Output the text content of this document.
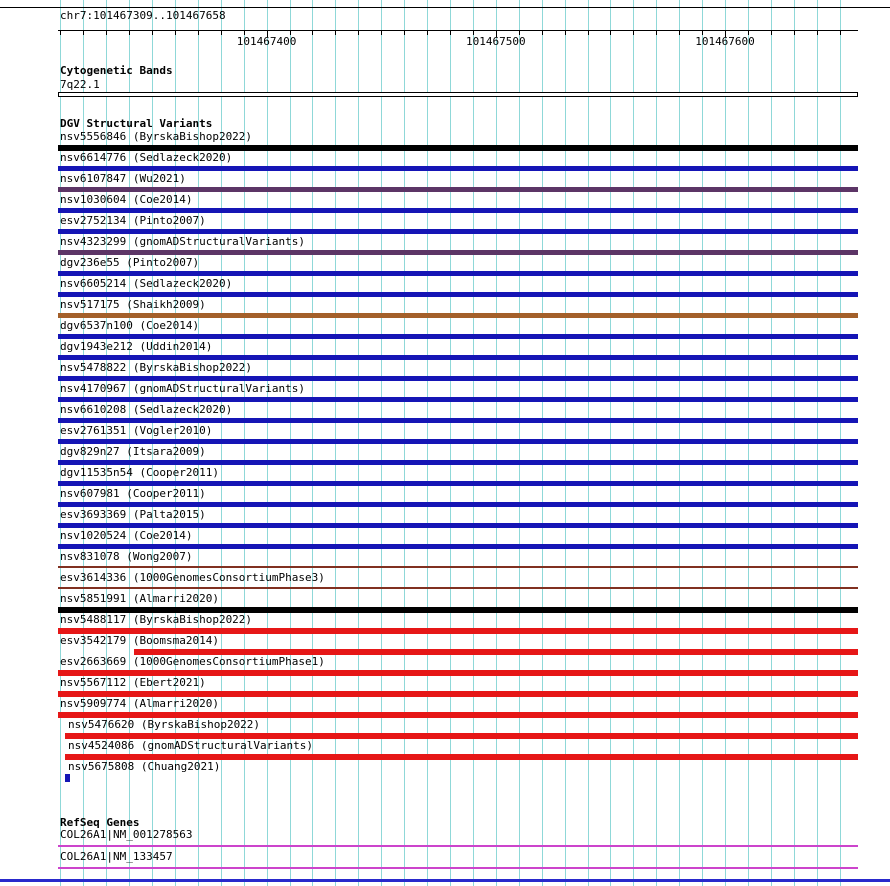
chr7:101467309..101467658
101467400	101467500	101467600
Cytogenetic Bands
7q22.1
DGV Structural Variants
nsv5556846 (ByrskaBishop2022)
nsv6614776 (Sedlazeck2020)
nsv6107847 (Wu2021)
nsv1030604 (Coe2014)
esv2752134 (Pinto2007)
nsv4323299 (gnomADStructuralVariants)
dgv236e55 (Pinto2007)
nsv6605214 (Sedlazeck2020)
nsv517175 (Shaikh2009)
dgv6537n100 (Coe2014)
dgv1943e212 (Uddin2014)
nsv5478822 (ByrskaBishop2022)
nsv4170967 (gnomADStructuralVariants)
nsv6610208 (Sedlazeck2020)
esv2761351 (Vogler2010)
dgv829n27 (Itsara2009)
dgv11535n54 (Cooper2011)
nsv607981 (Cooper2011)
esv3693369 (Palta2015)
nsv1020524 (Coe2014)
nsv831078 (Wong2007)
esv3614336 (1000GenomesConsortiumPhase3)
nsv5851991 (Almarri2020)
nsv5488117 (ByrskaBishop2022)
esv3542179 (Boomsma2014)
esv2663669 (1000GenomesConsortiumPhase1)
nsv5567112 (Ebert2021)
nsv5909774 (Almarri2020)
nsv5476620 (ByrskaBishop2022)
nsv4524086 (gnomADStructuralVariants)
nsv5675808 (Chuang2021)
RefSeq Genes
COL26A1|NM_001278563
COL26A1|NM_133457
